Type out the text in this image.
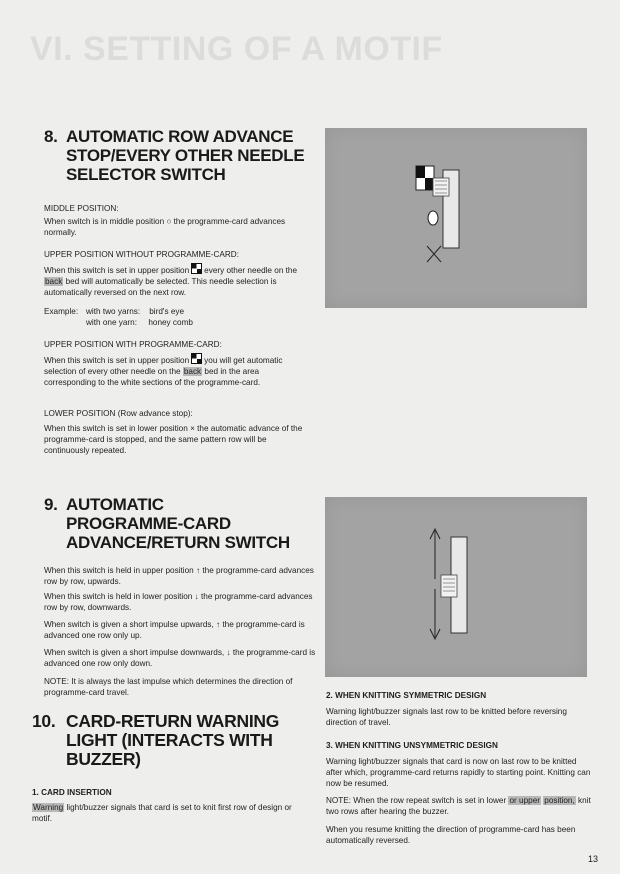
VI. SETTING OF A MOTIF
8. AUTOMATIC ROW ADVANCE
STOP/EVERY OTHER NEEDLE
SELECTOR SWITCH

MIDDLE POSITION:

When switch is in middle position ○ the programme-card advances normally.

UPPER POSITION WITHOUT PROGRAMME-CARD:

When this switch is set in upper position every other needle on the back bed will automatically be selected. This needle selection is automatically reversed on the next row.

Example: with two yarns:    bird's eye

with one yarn:     honey comb

UPPER POSITION WITH PROGRAMME-CARD:

When this switch is set in upper position you will get automatic selection of every other needle on the back bed in the area corresponding to the white sections of the programme-card.

LOWER POSITION (Row advance stop):

When this switch is set in lower position × the automatic advance of the programme-card is stopped, and the same pattern row will be continuously repeated.

9. AUTOMATIC
PROGRAMME-CARD
ADVANCE/RETURN SWITCH

When this switch is held in upper position ↑ the programme-card advances row by row, upwards.

When this switch is held in lower position ↓ the programme-card advances row by row, downwards.

When switch is given a short impulse upwards, ↑ the programme-card is advanced one row only up.

When switch is given a short impulse downwards, ↓ the programme-card is advanced one row only down.

NOTE: It is always the last impulse which determines the direction of programme-card travel.

10. CARD-RETURN WARNING
LIGHT (INTERACTS WITH
BUZZER)

1. CARD INSERTION

Warning light/buzzer signals that card is set to knit first row of design or motif.

2. WHEN KNITTING SYMMETRIC DESIGN

Warning light/buzzer signals last row to be knitted before reversing direction of travel.

3. WHEN KNITTING UNSYMMETRIC DESIGN

Warning light/buzzer signals that card is now on last row to be knitted after which, programme-card returns rapidly to starting point. Knitting can now be resumed.

NOTE: When the row repeat switch is set in lower or upper position, knit two rows after hearing the buzzer.

When you resume knitting the direction of programme-card has been automatically reversed.

13
